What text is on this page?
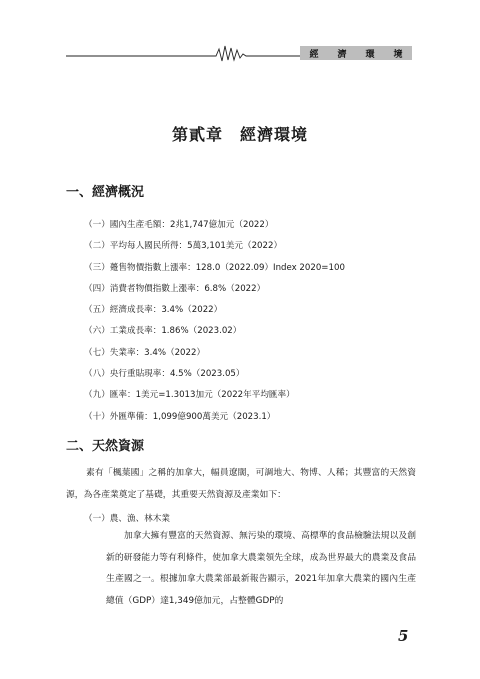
經 濟 環 境
第貳章　經濟環境
一、經濟概況
（一）國內生產毛額：2兆1,747億加元（2022）
（二）平均每人國民所得：5萬3,101美元（2022）
（三）躉售物價指數上漲率：128.0（2022.09）Index 2020=100
（四）消費者物價指數上漲率：6.8%（2022）
（五）經濟成長率：3.4%（2022）
（六）工業成長率：1.86%（2023.02）
（七）失業率：3.4%（2022）
（八）央行重貼現率：4.5%（2023.05）
（九）匯率：1美元=1.3013加元（2022年平均匯率）
（十）外匯準備：1,099億900萬美元（2023.1）
二、天然資源

素有「楓葉國」之稱的加拿大，幅員遼闊，可調地大、物博、人稀；其豐富的天然資源，為各產業奠定了基礎，其重要天然資源及產業如下：

（一）農、漁、林木業

加拿大擁有豐富的天然資源、無污染的環境、高標準的食品檢驗法規以及創新的研發能力等有利條件，使加拿大農業領先全球，成為世界最大的農業及食品生產國之一。根據加拿大農業部最新報告顯示，2021年加拿大農業的國內生產總值（GDP）達1,349億加元，占整體GDP的

5
